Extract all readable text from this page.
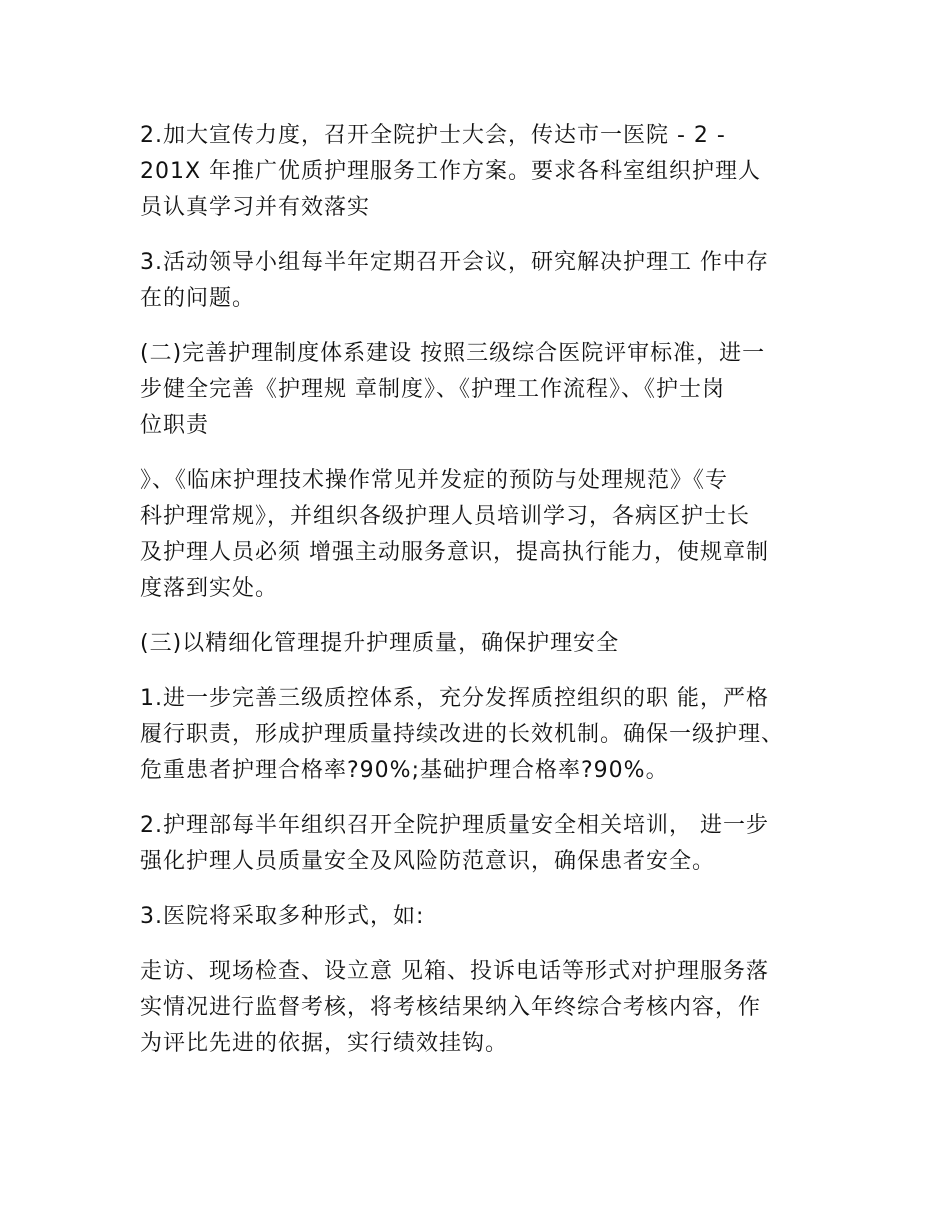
2.加大宣传力度，召开全院护士大会，传达市一医院 - 2 -
201X 年推广优质护理服务工作方案。要求各科室组织护理人
员认真学习并有效落实

3.活动领导小组每半年定期召开会议，研究解决护理工 作中存
在的问题。

(二)完善护理制度体系建设 按照三级综合医院评审标准，进一
步健全完善《护理规 章制度》、《护理工作流程》、《护士岗
位职责

》、《临床护理技术操作常见并发症的预防与处理规范》《专
科护理常规》，并组织各级护理人员培训学习，各病区护士长
及护理人员必须 增强主动服务意识，提高执行能力，使规章制
度落到实处。

(三)以精细化管理提升护理质量，确保护理安全

1.进一步完善三级质控体系，充分发挥质控组织的职 能，严格
履行职责，形成护理质量持续改进的长效机制。确保一级护理、
危重患者护理合格率?90%;基础护理合格率?90%。

2.护理部每半年组织召开全院护理质量安全相关培训， 进一步
强化护理人员质量安全及风险防范意识，确保患者安全。

3.医院将采取多种形式，如:

走访、现场检查、设立意 见箱、投诉电话等形式对护理服务落
实情况进行监督考核，将考核结果纳入年终综合考核内容，作
为评比先进的依据，实行绩效挂钩。
